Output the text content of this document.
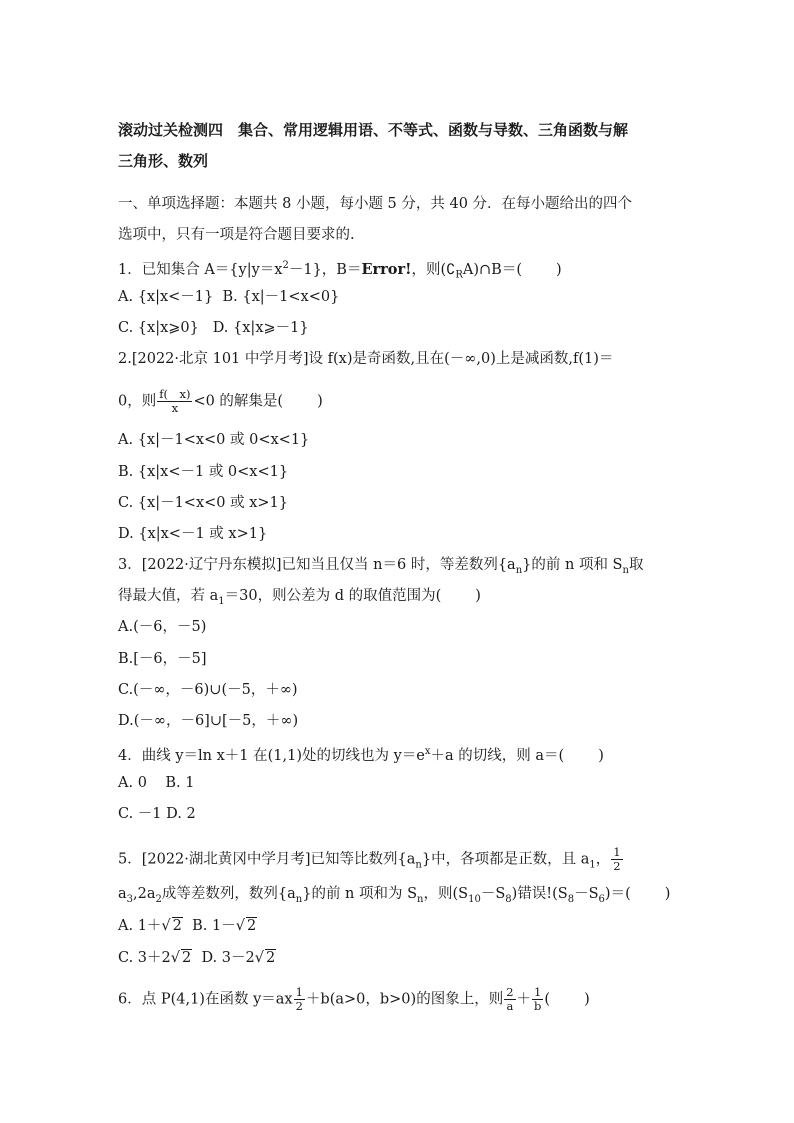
滚动过关检测四　集合、常用逻辑用语、不等式、函数与导数、三角函数与解
三角形、数列
一、单项选择题：本题共 8 小题，每小题 5 分，共 40 分．在每小题给出的四个
选项中，只有一项是符合题目要求的.
1．已知集合 $A=\{y|y=x^2-1\}$，B＝Error!，则$(∁_RA)\cap B=$( )
A. {x|x<－1} B. {x|－1<x<0}
C. {x|x⩾0} D. {x|x⩾－1}
2.[2022·北京 101 中学月考]设 f(x)是奇函数,且在(－∞,0)上是减函数,f(1)＝
0，则 $\frac{f( x)}{x} <0$ 的解集是( )
A. {x|－1<x<0 或 0<x<1}
B. {x|x<－1 或 0<x<1}
C. {x|－1<x<0 或 x>1}
D. {x|x<－1 或 x>1}
3．[2022·辽宁丹东模拟]已知当且仅当 n＝6 时，等差数列$\{a_n\}$的前 n 项和 $S_n$取
得最大值，若 $a_1=30$，则公差为 d 的取值范围为( )
A.(－6，－5)
B.[－6，－5]
C.(－∞，－6)∪(－5，＋∞)
D.(－∞，－6]∪[－5，＋∞)
4．曲线 y＝ln x＋1 在(1,1)处的切线也为 $y=e^x+a$ 的切线，则 a＝( )
A. 0 B. 1
C. －1 D. 2
5．[2022·湖北黄冈中学月考]已知等比数列$\{a_n\}$中，各项都是正数，且 $a_1$， $\frac{1}{2}$
$a_3,2a_2$成等差数列，数列$\{a_n\}$的前 n 项和为 $S_n$，则$(S_{10}-S_8)$错误$!(S_8-S_6)=$( )
A. 1＋√ 2 B. 1－√ 2
C. 3＋2√ 2 D. 3－2√ 2
6．点 P(4,1)在函数 $y=ax \frac{1}{2} +b(a>0$，b>0)的图象上，则 $\frac{2}{a} + \frac{1}{b}$ ( )
